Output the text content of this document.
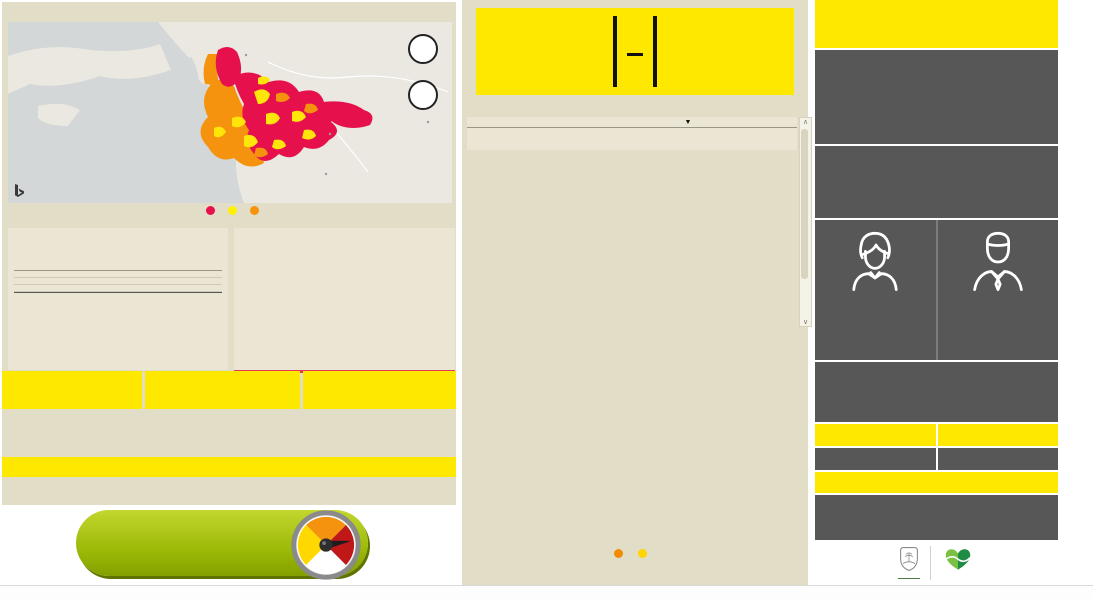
▼	∧
∨
